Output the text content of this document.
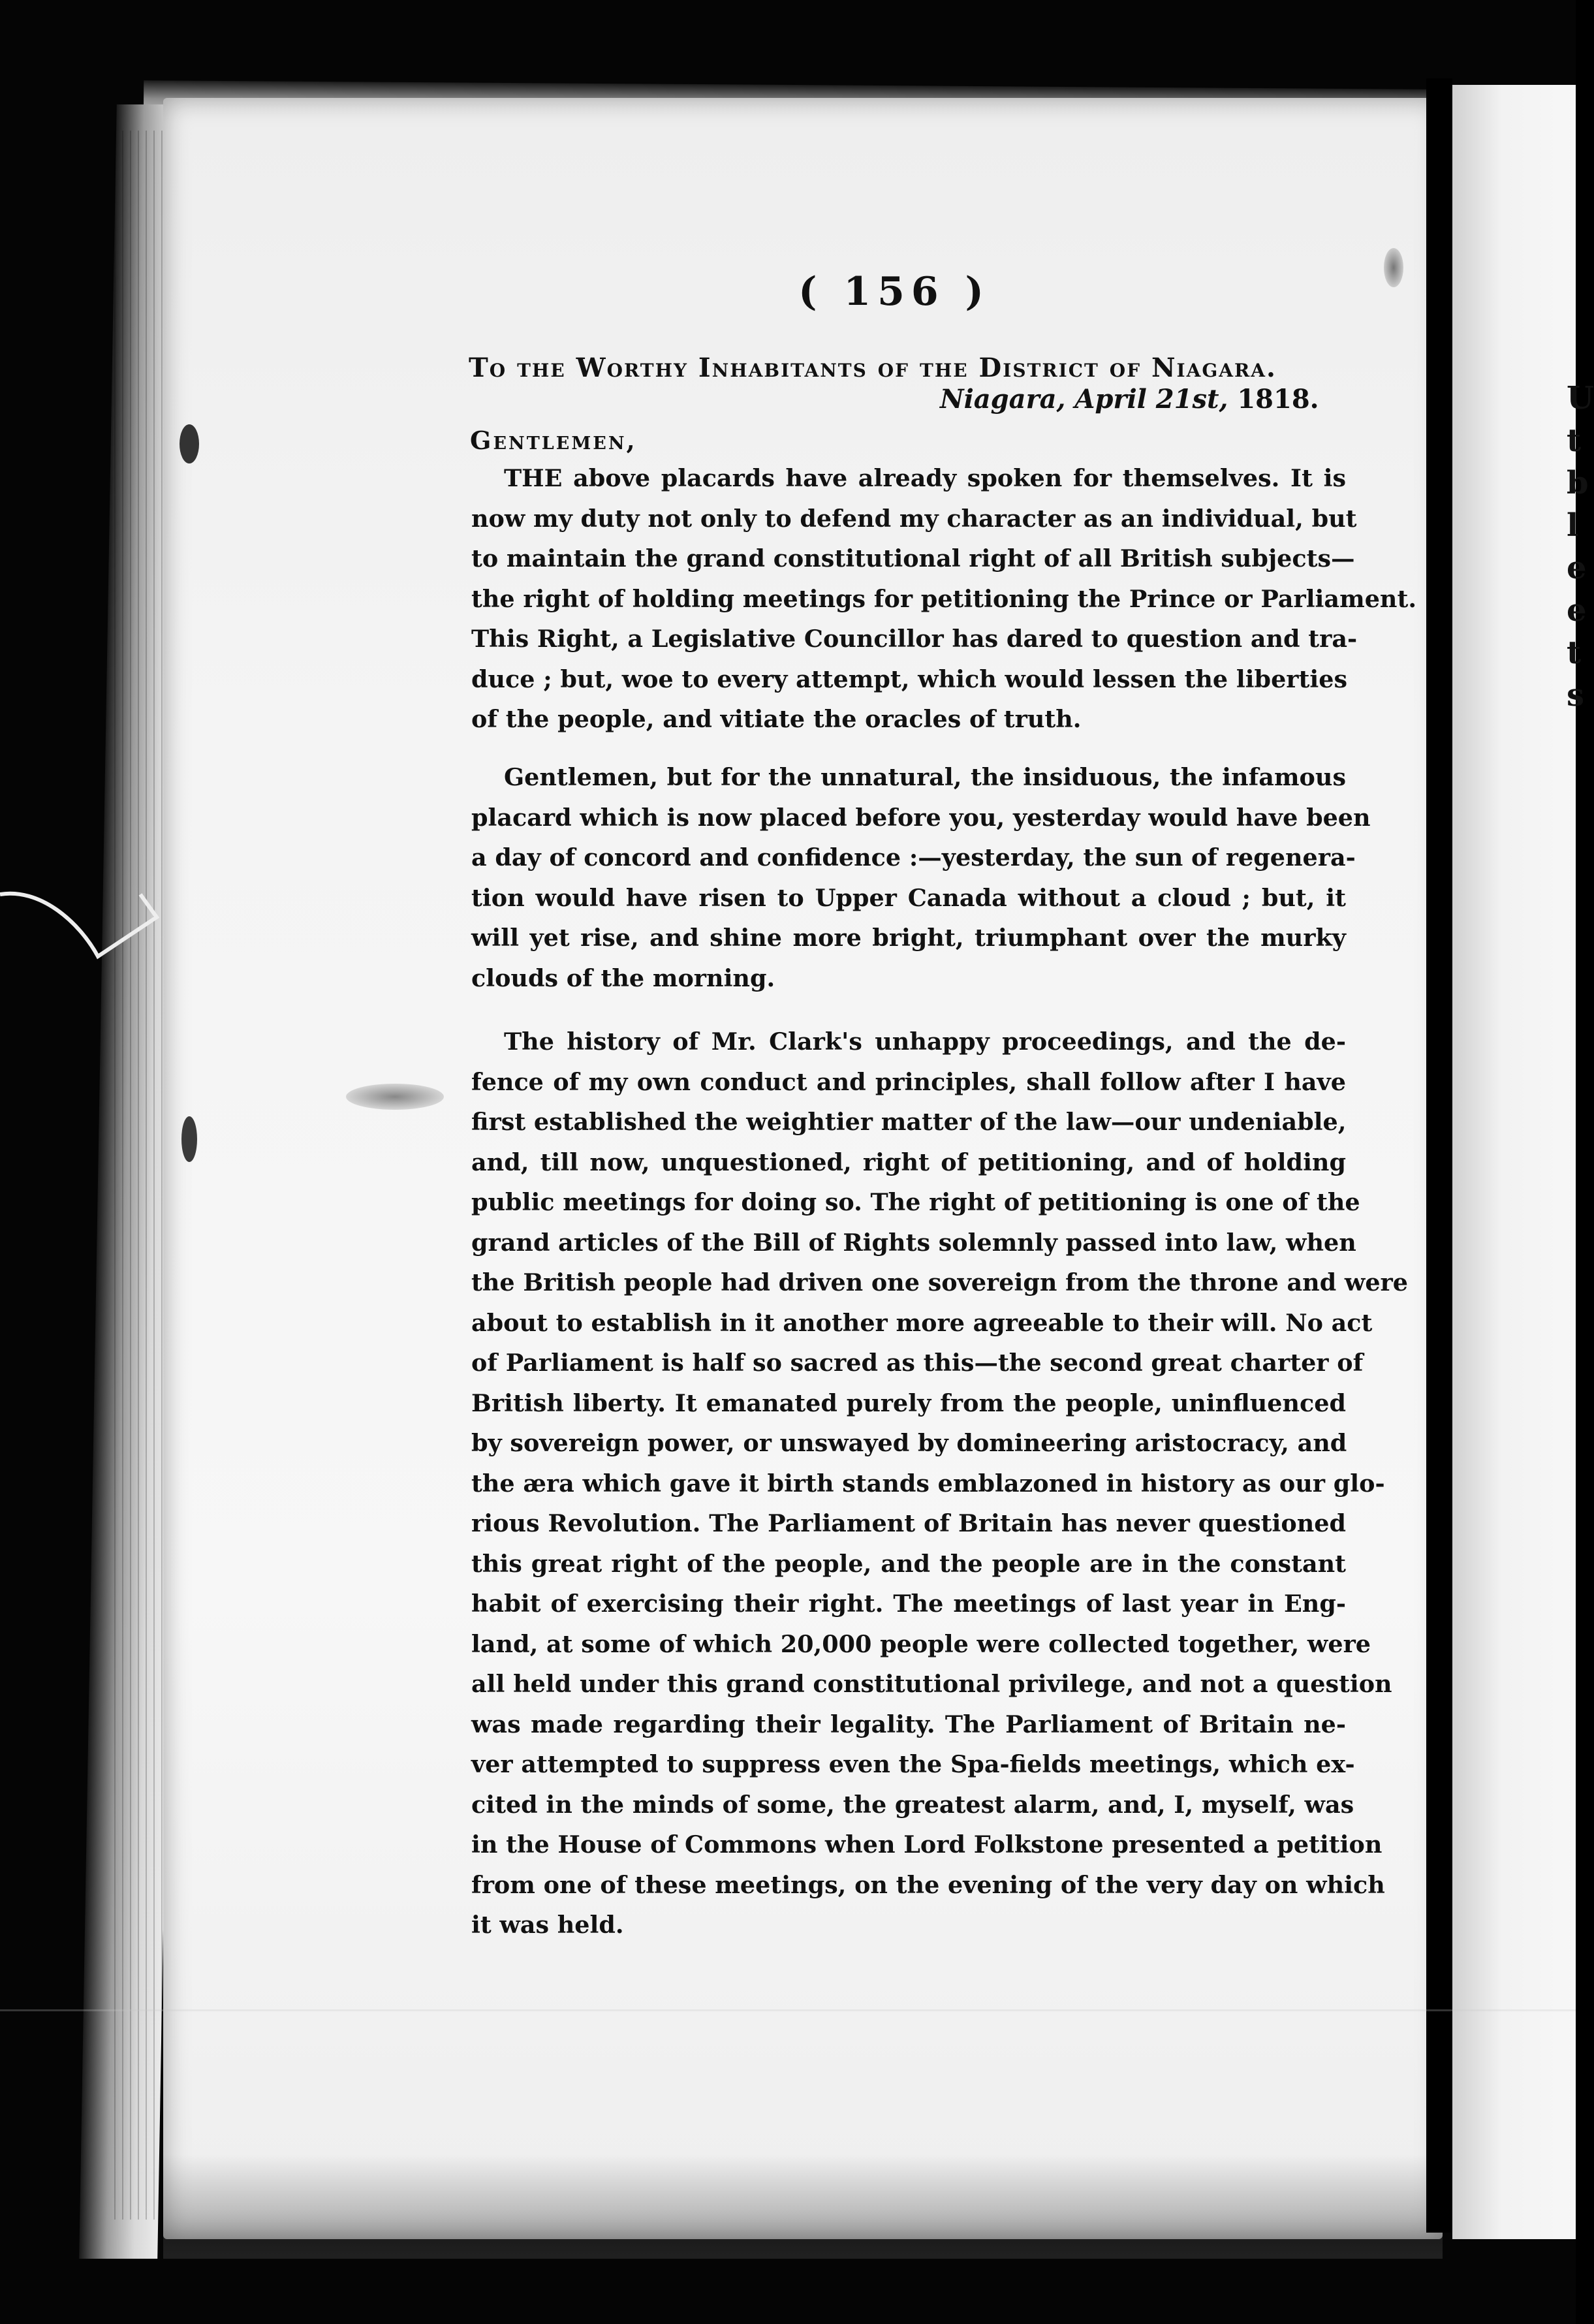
U
t
b
l
e
e
t
s
( 156 )
To the Worthy Inhabitants of the District of Niagara.
Niagara, April 21st, 1818.
Gentlemen,
THE above placards have already spoken for themselves. It is
now my duty not only to defend my character as an individual, but
to maintain the grand constitutional right of all British subjects—
the right of holding meetings for petitioning the Prince or Parliament.
This Right, a Legislative Councillor has dared to question and tra-
duce ; but, woe to every attempt, which would lessen the liberties
of the people, and vitiate the oracles of truth.
Gentlemen, but for the unnatural, the insiduous, the infamous
placard which is now placed before you, yesterday would have been
a day of concord and confidence :—yesterday, the sun of regenera-
tion would have risen to Upper Canada without a cloud ; but, it
will yet rise, and shine more bright, triumphant over the murky
clouds of the morning.
The history of Mr. Clark's unhappy proceedings, and the de-
fence of my own conduct and principles, shall follow after I have
first established the weightier matter of the law—our undeniable,
and, till now, unquestioned, right of petitioning, and of holding
public meetings for doing so. The right of petitioning is one of the
grand articles of the Bill of Rights solemnly passed into law, when
the British people had driven one sovereign from the throne and were
about to establish in it another more agreeable to their will. No act
of Parliament is half so sacred as this—the second great charter of
British liberty. It emanated purely from the people, uninfluenced
by sovereign power, or unswayed by domineering aristocracy, and
the æra which gave it birth stands emblazoned in history as our glo-
rious Revolution. The Parliament of Britain has never questioned
this great right of the people, and the people are in the constant
habit of exercising their right. The meetings of last year in Eng-
land, at some of which 20,000 people were collected together, were
all held under this grand constitutional privilege, and not a question
was made regarding their legality. The Parliament of Britain ne-
ver attempted to suppress even the Spa-fields meetings, which ex-
cited in the minds of some, the greatest alarm, and, I, myself, was
in the House of Commons when Lord Folkstone presented a petition
from one of these meetings, on the evening of the very day on which
it was held.
